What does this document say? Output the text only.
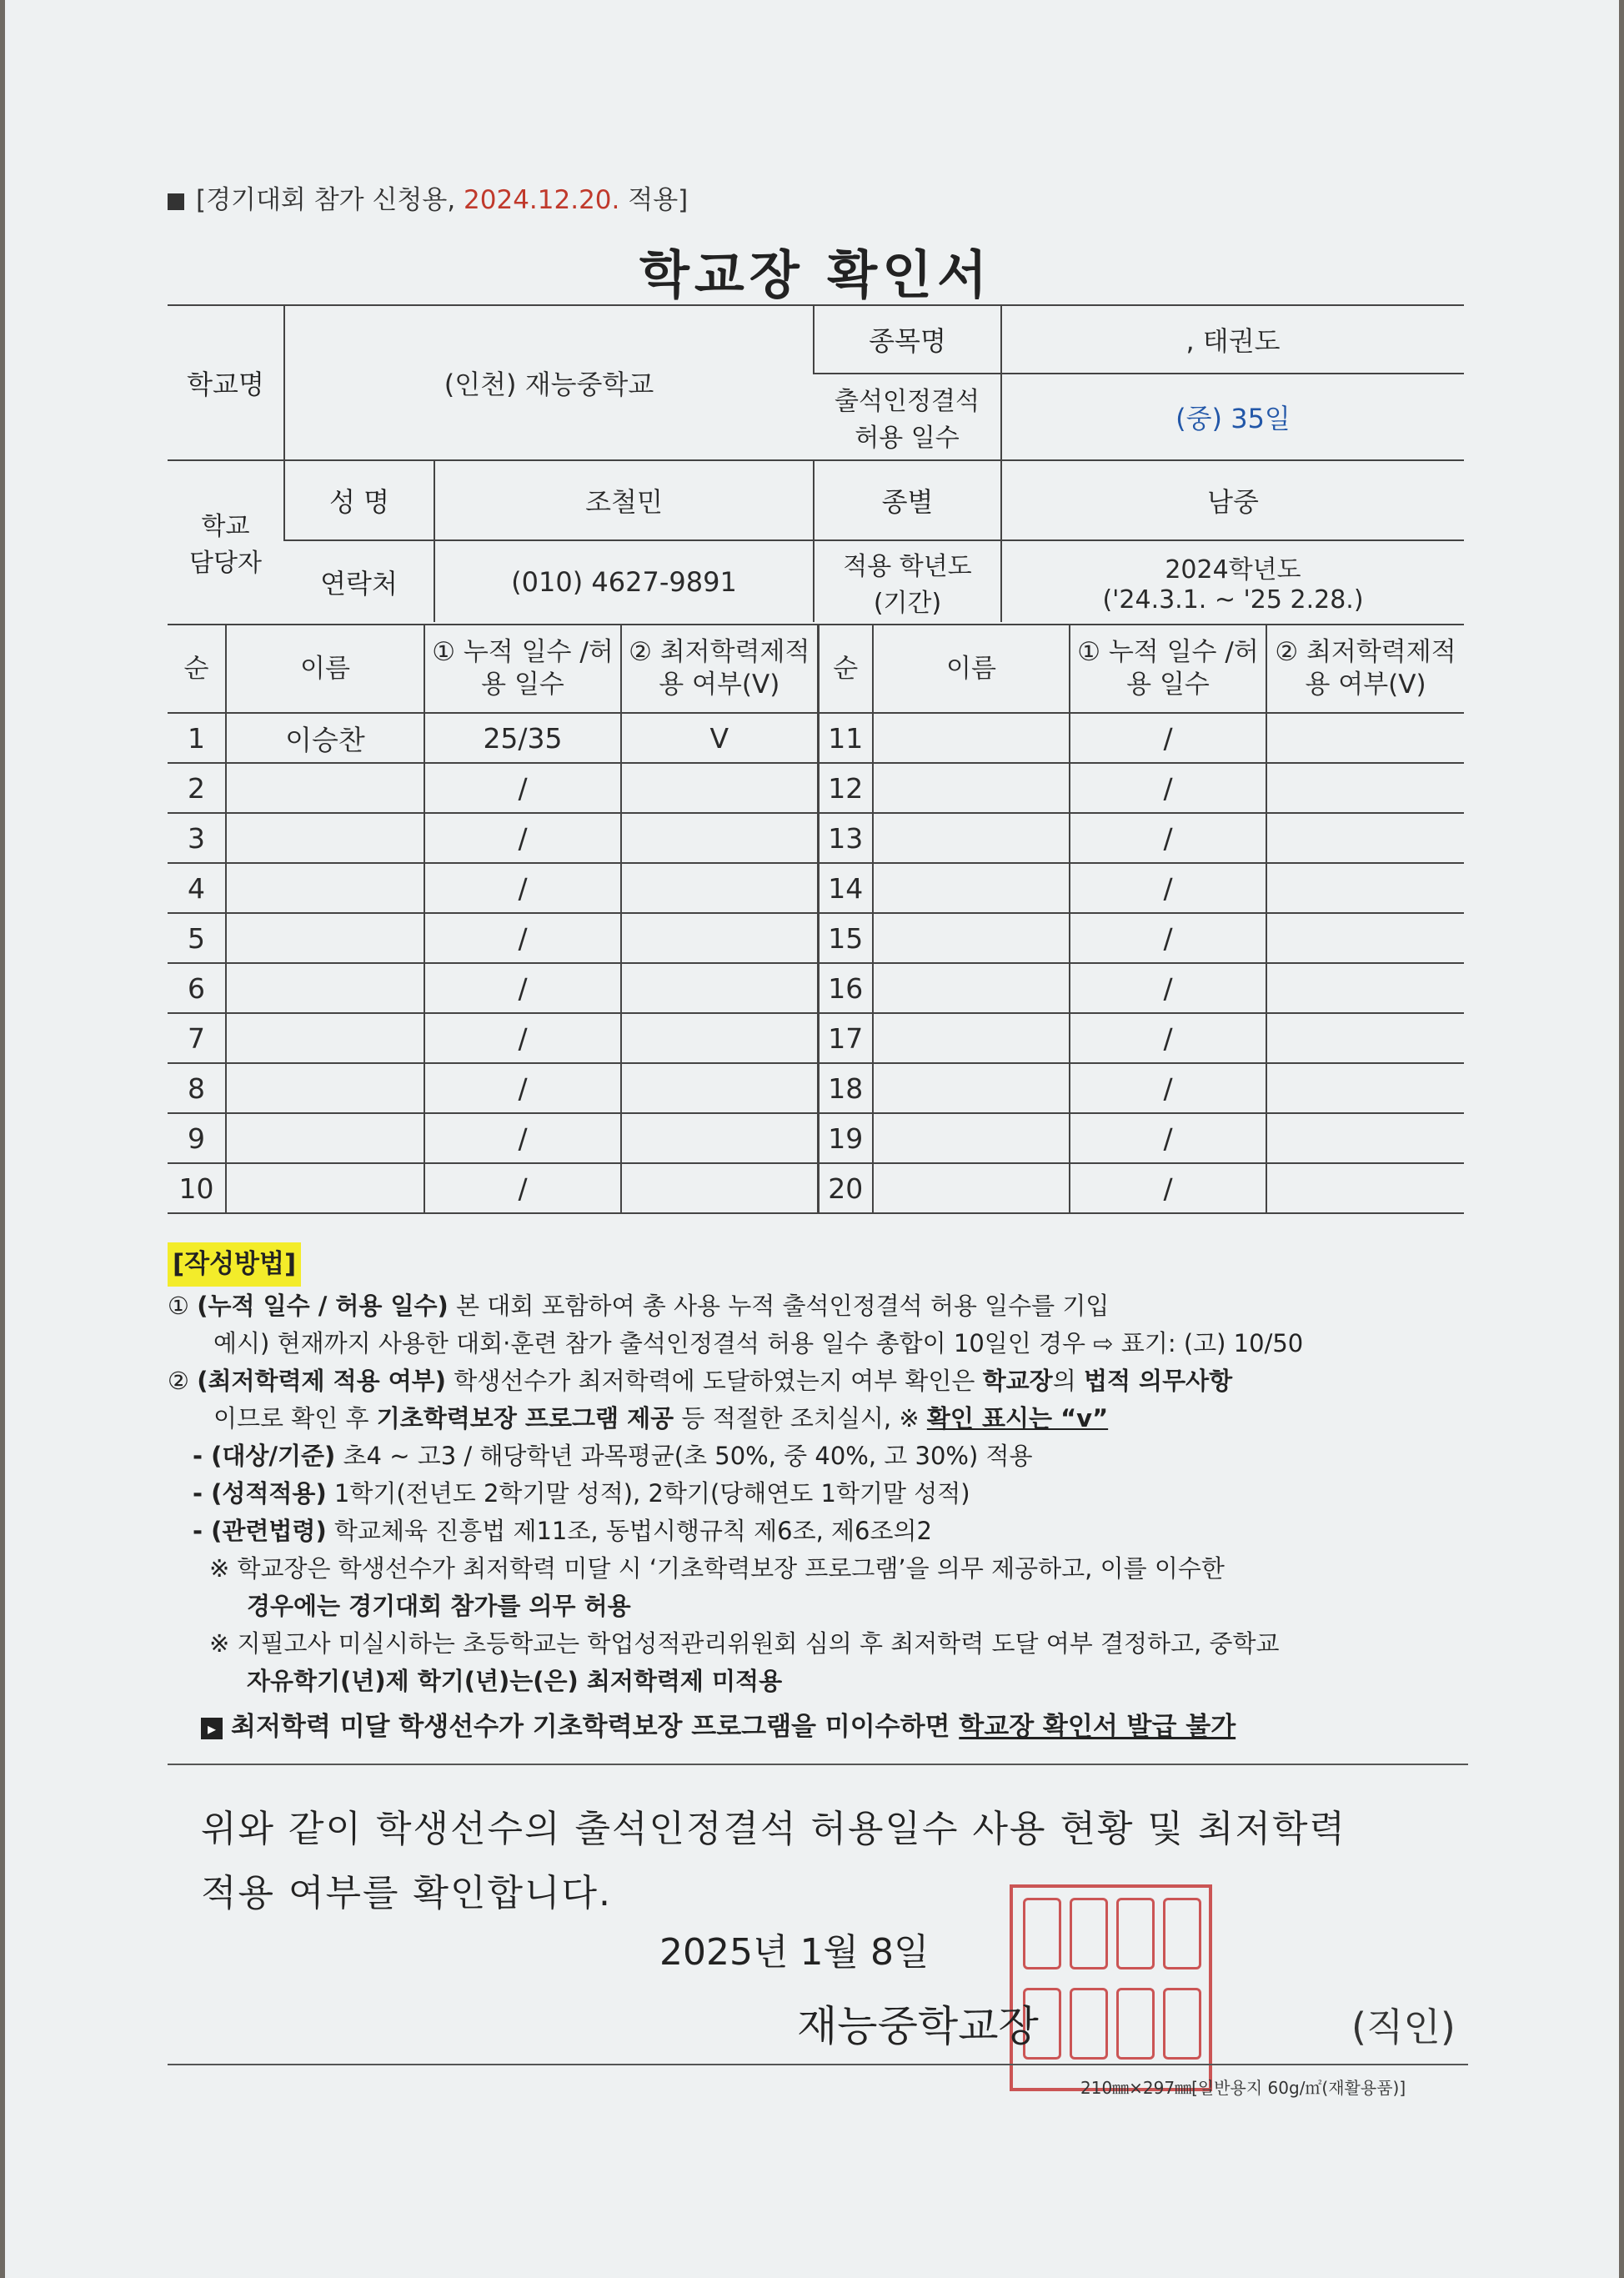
[경기대회 참가 신청용, 2024.12.20. 적용]
학교장 확인서
학교명	(인천) 재능중학교		종목명	, 태권도

			출석인정결석
허용 일수	(중) 35일

학교
담당자	성 명	조철민	종별	남중
	연락처	(010) 4627-9891	적용 학년도
(기간)	2024학년도
('24.3.1. ~ '25 2.28.)
순	이름	① 누적 일수 /허용 일수	② 최저학력제적용 여부(V)	순	이름	① 누적 일수 /허용 일수	② 최저학력제적용 여부(V)
1	이승찬	25/35	V	11		/	
2		/		12		/	
3		/		13		/	
4		/		14		/	
5		/		15		/	
6		/		16		/	
7		/		17		/	
8		/		18		/	
9		/		19		/	
10		/		20		/	
[작성방법]
① (누적 일수 / 허용 일수) 본 대회 포함하여 총 사용 누적 출석인정결석 허용 일수를 기입
예시) 현재까지 사용한 대회·훈련 참가 출석인정결석 허용 일수 총합이 10일인 경우 ⇨ 표기: (고) 10/50
② (최저학력제 적용 여부) 학생선수가 최저학력에 도달하였는지 여부 확인은 학교장의 법적 의무사항
이므로 확인 후 기초학력보장 프로그램 제공 등 적절한 조치실시, ※ 확인 표시는 “v”
- (대상/기준) 초4 ~ 고3 / 해당학년 과목평균(초 50%, 중 40%, 고 30%) 적용
- (성적적용) 1학기(전년도 2학기말 성적), 2학기(당해연도 1학기말 성적)
- (관련법령) 학교체육 진흥법 제11조, 동법시행규칙 제6조, 제6조의2
※ 학교장은 학생선수가 최저학력 미달 시 ‘기초학력보장 프로그램’을 의무 제공하고, 이를 이수한
경우에는 경기대회 참가를 의무 허용
※ 지필고사 미실시하는 초등학교는 학업성적관리위원회 심의 후 최저학력 도달 여부 결정하고, 중학교
자유학기(년)제 학기(년)는(은) 최저학력제 미적용
▸ 최저학력 미달 학생선수가 기초학력보장 프로그램을 미이수하면 학교장 확인서 발급 불가
위와 같이 학생선수의 출석인정결석 허용일수 사용 현황 및 최저학력
적용 여부를 확인합니다.
2025년 1월 8일
재능중학교장	(직인)
210㎜×297㎜[일반용지 60g/㎡(재활용품)]
